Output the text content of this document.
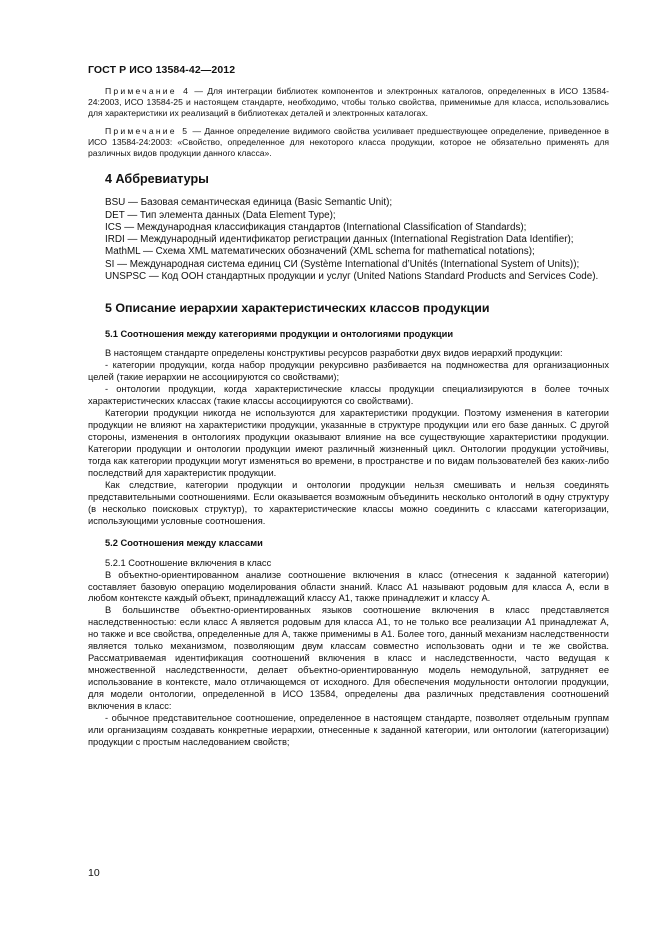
ГОСТ Р ИСО 13584-42—2012

Примечание 4 — Для интеграции библиотек компонентов и электронных каталогов, определенных в ИСО 13584-24:2003, ИСО 13584-25 и настоящем стандарте, необходимо, чтобы только свойства, применимые для класса, использовались для характеристики их реализаций в библиотеках деталей и электронных каталогах.

Примечание 5 — Данное определение видимого свойства усиливает предшествующее определение, приведенное в ИСО 13584-24:2003: «Свойство, определенное для некоторого класса продукции, которое не обязательно применять для различных видов продукции данного класса».

4 Аббревиатуры

BSU — Базовая семантическая единица (Basic Semantic Unit);

DET — Тип элемента данных (Data Element Type);

ICS — Международная классификация стандартов (International Classification of Standards);

IRDI — Международный идентификатор регистрации данных (International Registration Data Identifier);

MathML — Схема XML математических обозначений (XML schema for mathematical notations);

SI — Международная система единиц СИ (Système International d’Unités (International System of Units));

UNSPSC — Код ООН стандартных продукции и услуг (United Nations Standard Products and Services Code).

5 Описание иерархии характеристических классов продукции
5.1 Соотношения между категориями продукции и онтологиями продукции

В настоящем стандарте определены конструктивы ресурсов разработки двух видов иерархий продукции:

- категории продукции, когда набор продукции рекурсивно разбивается на подмножества для организационных целей (такие иерархии не ассоциируются со свойствами);

- онтологии продукции, когда характеристические классы продукции специализируются в более точных характеристических классах (такие классы ассоциируются со свойствами).

Категории продукции никогда не используются для характеристики продукции. Поэтому изменения в категории продукции не влияют на характеристики продукции, указанные в структуре продукции или его базе данных. С другой стороны, изменения в онтологиях продукции оказывают влияние на все существующие характеристики продукции. Категории продукции и онтологии продукции имеют различный жизненный цикл. Онтологии продукции устойчивы, тогда как категории продукции могут изменяться во времени, в пространстве и по видам пользователей без каких-либо последствий для характеристик продукции.

Как следствие, категории продукции и онтологии продукции нельзя смешивать и нельзя соединять представительными соотношениями. Если оказывается возможным объединить несколько онтологий в одну структуру (в несколько поисковых структур), то характеристические классы можно соединить с классами категоризации, использующими условные соотношения.

5.2 Соотношения между классами

5.2.1 Соотношение включения в класс

В объектно-ориентированном анализе соотношение включения в класс (отнесения к заданной категории) составляет базовую операцию моделирования области знаний. Класс A1 называют родовым для класса A, если в любом контексте каждый объект, принадлежащий классу A1, также принадлежит и классу A.

В большинстве объектно-ориентированных языков соотношение включения в класс представляется наследственностью: если класс A является родовым для класса A1, то не только все реализации A1 принадлежат A, но также и все свойства, определенные для A, также применимы в A1. Более того, данный механизм наследственности является только механизмом, позволяющим двум классам совместно использовать одни и те же свойства. Рассматриваемая идентификация соотношений включения в класс и наследственности, часто ведущая к множественной наследственности, делает объектно-ориентированную модель немодульной, затрудняет ее использование в контексте, мало отличающемся от исходного. Для обеспечения модульности онтологии продукции, для модели онтологии, определенной в ИСО 13584, определены два различных представления соотношений включения в класс:

- обычное представительное соотношение, определенное в настоящем стандарте, позволяет отдельным группам или организациям создавать конкретные иерархии, отнесенные к заданной категории, или онтологии (категоризации) продукции с простым наследованием свойств;

10
